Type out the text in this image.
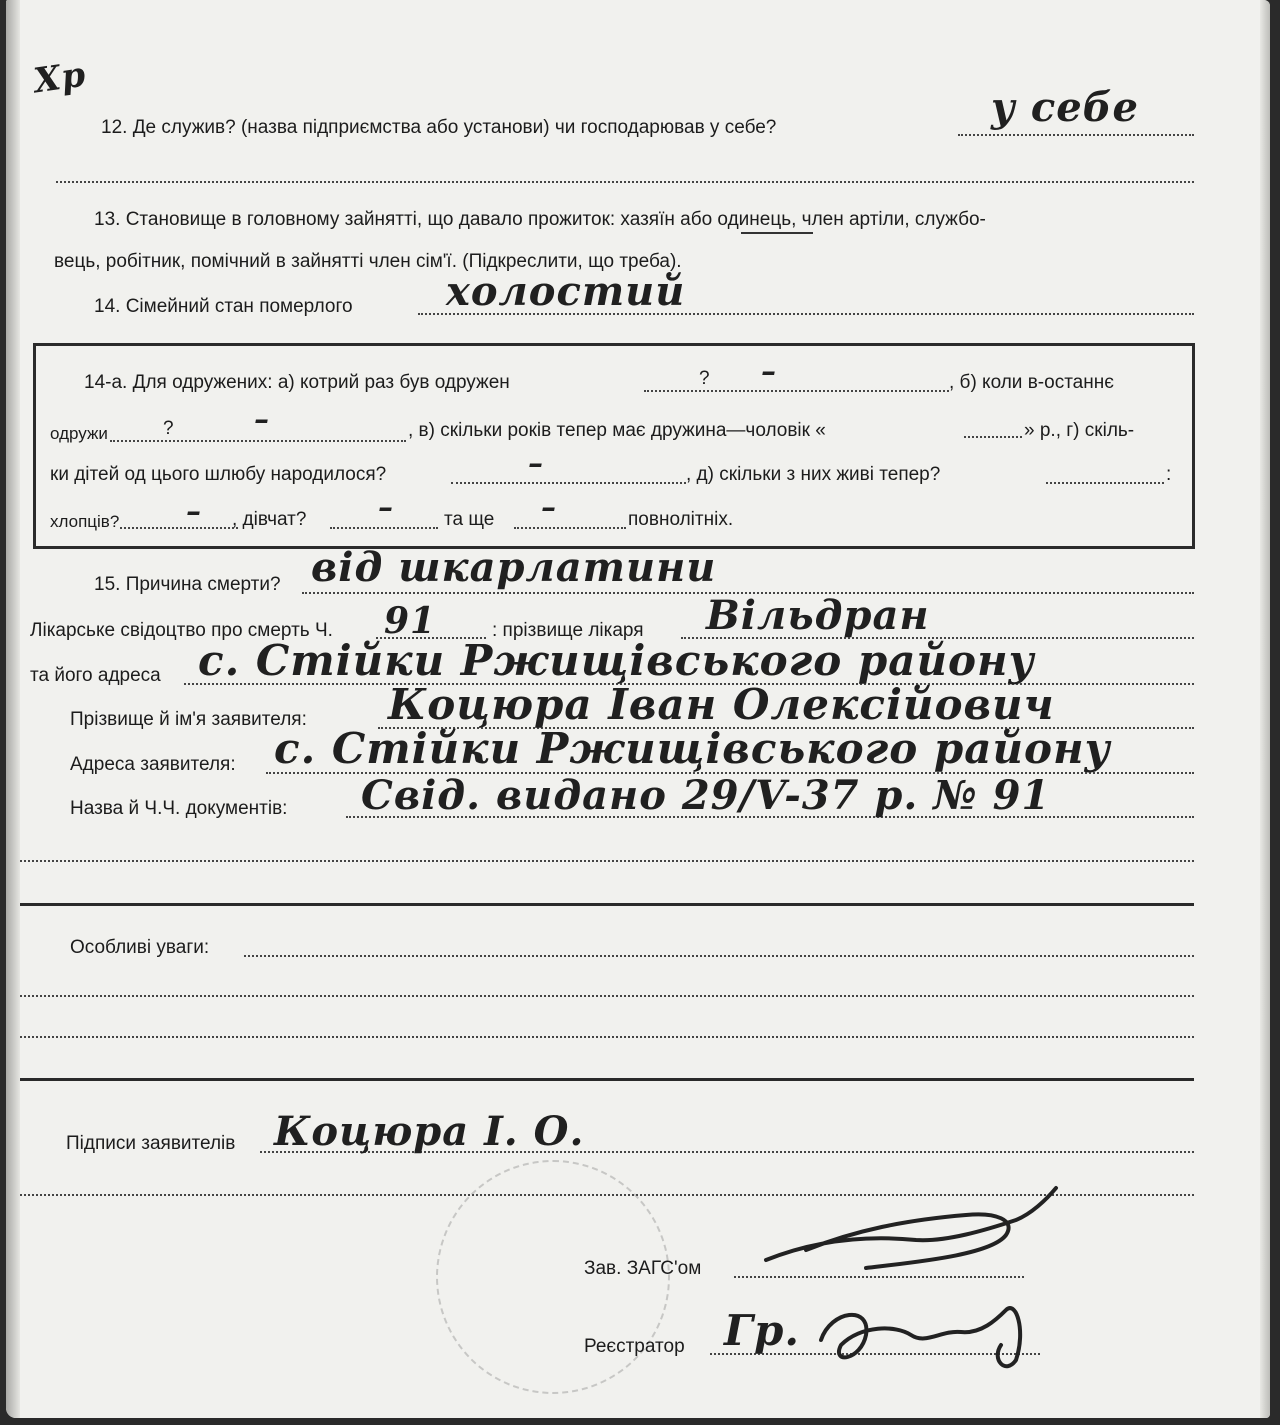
Хр
12. Де служив? (назва підприємства або установи) чи господарював у себе?	у себе
13. Становище в головному зайнятті, що давало прожиток: хазяїн або одинець, член артіли, службо-
вець, робітник, помічний в зайнятті член сім'ї. (Підкреслити, що треба).
14. Сімейний стан померлого холостий
14-а. Для одружених: а) котрий раз був одружен	? –	, б) коли в-останнє
одружи	?	–	, в) скільки років тепер має дружина—чоловік «	» р., г) скіль-
ки дітей од цього шлюбу народилося?	–	, д) скільки з них живі тепер?	:
хлопців? – , дівчат? –	та ще –	повнолітніх.
15. Причина смерти? від шкарлатини
Лікарське свідоцтво про смерть Ч. 91	: прізвище лікаря Вільдран
та його адреса с. Стійки Ржищівського району
Прізвище й ім'я заявителя: Коцюра Іван Олексійович
Адреса заявителя: с. Стійки Ржищівського району
Назва й Ч.Ч. документів: Свід. видано 29/V-37 р. № 91
Особливі уваги:
Підписи заявителів Коцюра І. О.
Зав. ЗАГС'ом
Реєстратор Гр.
